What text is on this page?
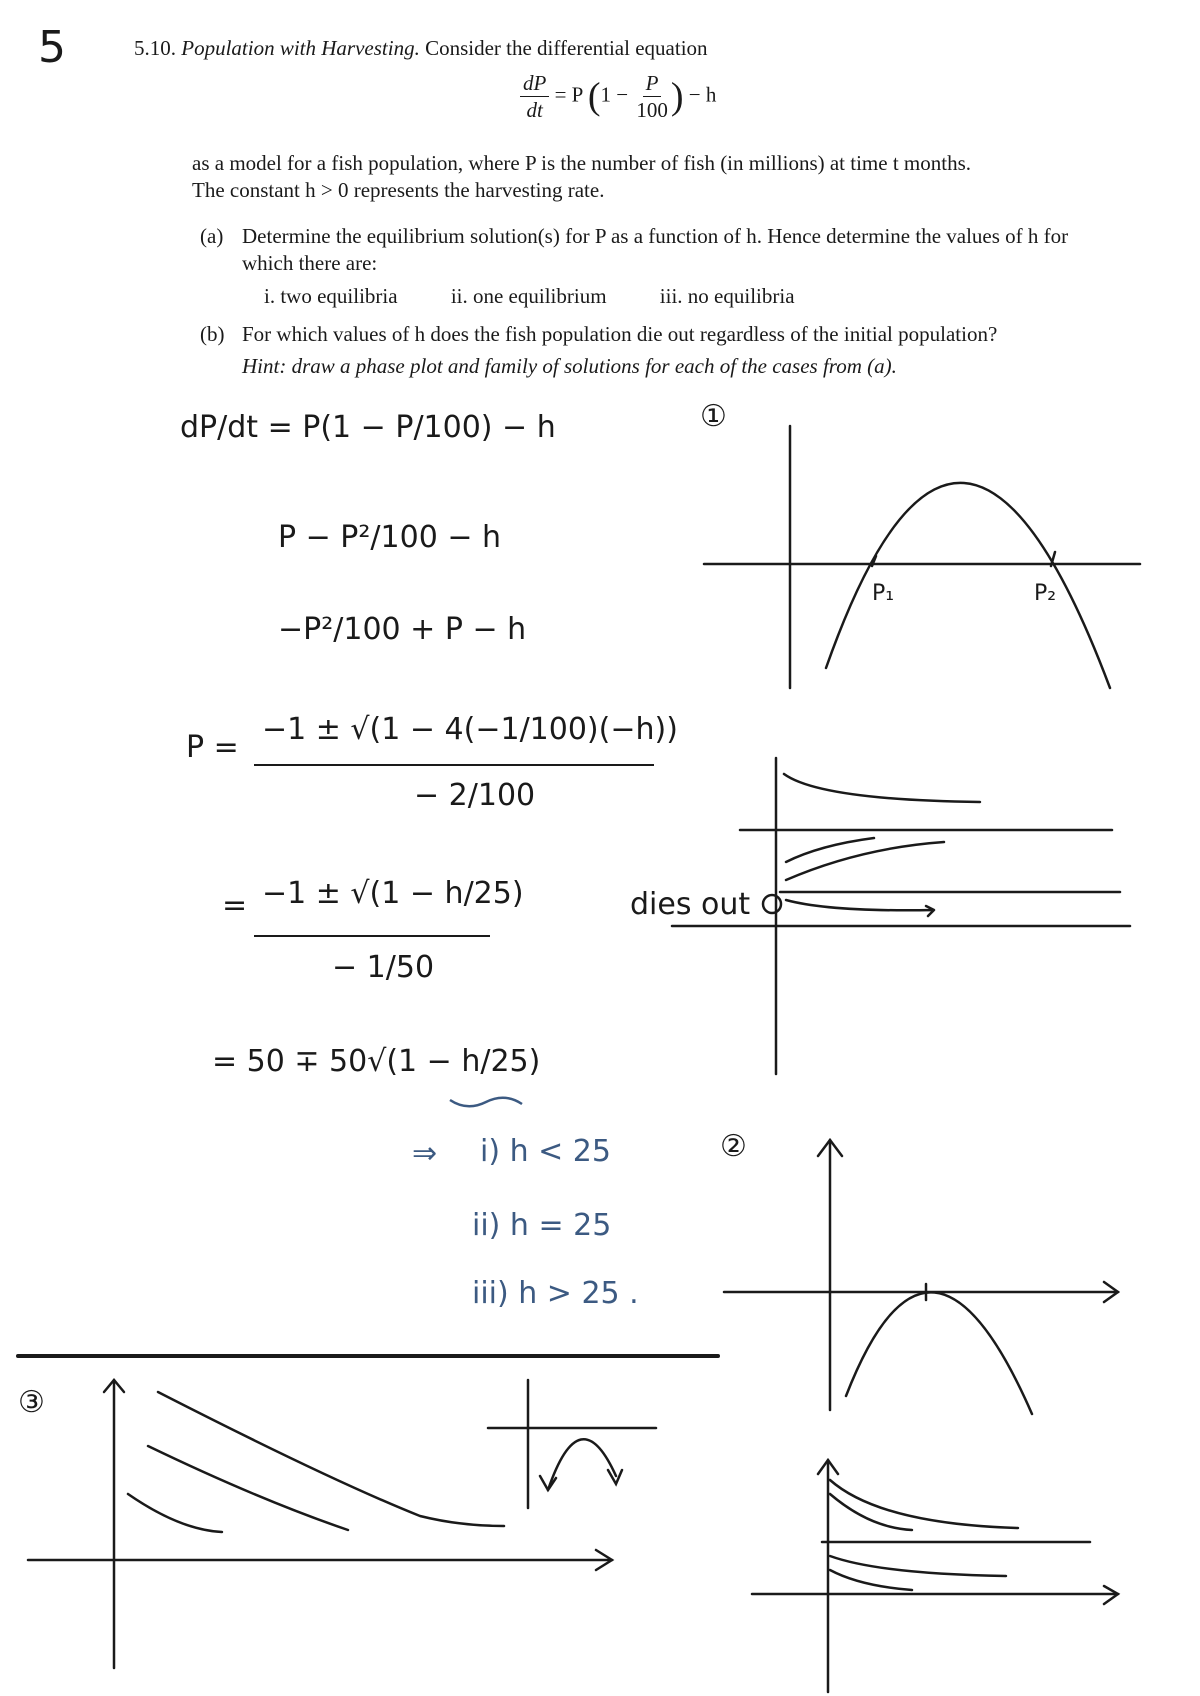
5	5.10. Population with Harvesting. Consider the differential equation
$\frac{dP}{dt} = P$ ($1 - \frac{P}{100}$ ) − h
as a model for a fish population, where P is the number of fish (in millions) at time t months.
The constant h > 0 represents the harvesting rate.
(a) Determine the equilibrium solution(s) for P as a function of h. Hence determine the values of h for which there are:
i. two equilibria	ii. one equilibrium	iii. no equilibria
(b) For which values of h does the fish population die out regardless of the initial population?
Hint: draw a phase plot and family of solutions for each of the cases from (a).
dP/dt = P(1 − P/100) − h
P − P²/100 − h
−P²/100 + P − h
P =
−1 ± √(1 − 4(−1/100)(−h))
− 2/100
= −1 ± √(1 − h/25)
− 1/50
= 50 ∓ 50√(1 − h/25)
⇒ i) h < 25
ii) h = 25
iii) h > 25 .
①
P₁	P₂
dies out
②
③
